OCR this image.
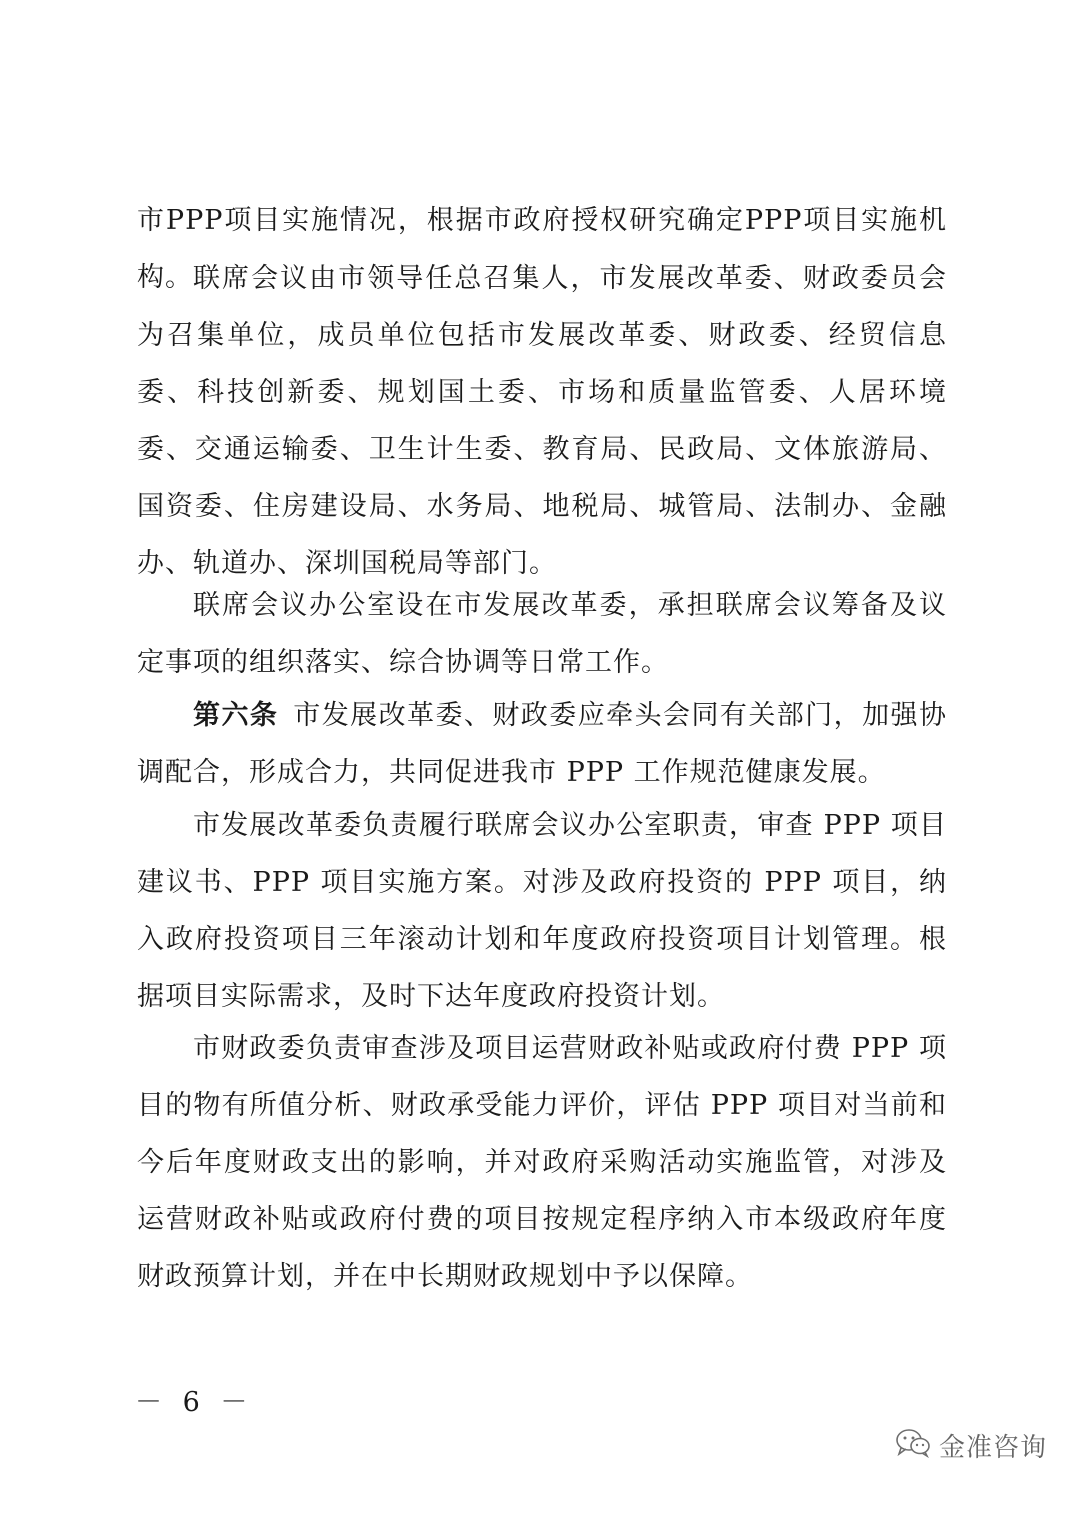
市PPP项目实施情况，根据市政府授权研究确定PPP项目实施机构。 联席会议由市领导任总召集人，市发展改革委、财政委员会为召集单位，成员单位包括市发展改革委、财政委、经贸信息委、科技创新委、规划国土委、市场和质量监管委、人居环境委、交通运输委、卫生计生委、教育局、民政局、文体旅游局、国资委、住房建设局、水务局、地税局、城管局、法制办、金融办、轨道办、深圳国税局等部门。

联席会议办公室设在市发展改革委，承担联席会议筹备及议定事项的组织落实、综合协调等日常工作。

第六条  市发展改革委、财政委应牵头会同有关部门，加强协调配合，形成合力，共同促进我市 PPP 工作规范健康发展。

市发展改革委负责履行联席会议办公室职责，审查 PPP 项目建议书、PPP 项目实施方案。对涉及政府投资的 PPP 项目，纳入政府投资项目三年滚动计划和年度政府投资项目计划管理。根据项目实际需求，及时下达年度政府投资计划。

市财政委负责审查涉及项目运营财政补贴或政府付费 PPP 项目的物有所值分析、财政承受能力评价，评估 PPP 项目对当前和今后年度财政支出的影响，并对政府采购活动实施监管，对涉及运营财政补贴或政府付费的项目按规定程序纳入市本级政府年度财政预算计划，并在中长期财政规划中予以保障。

－ 6 －
金准咨询
